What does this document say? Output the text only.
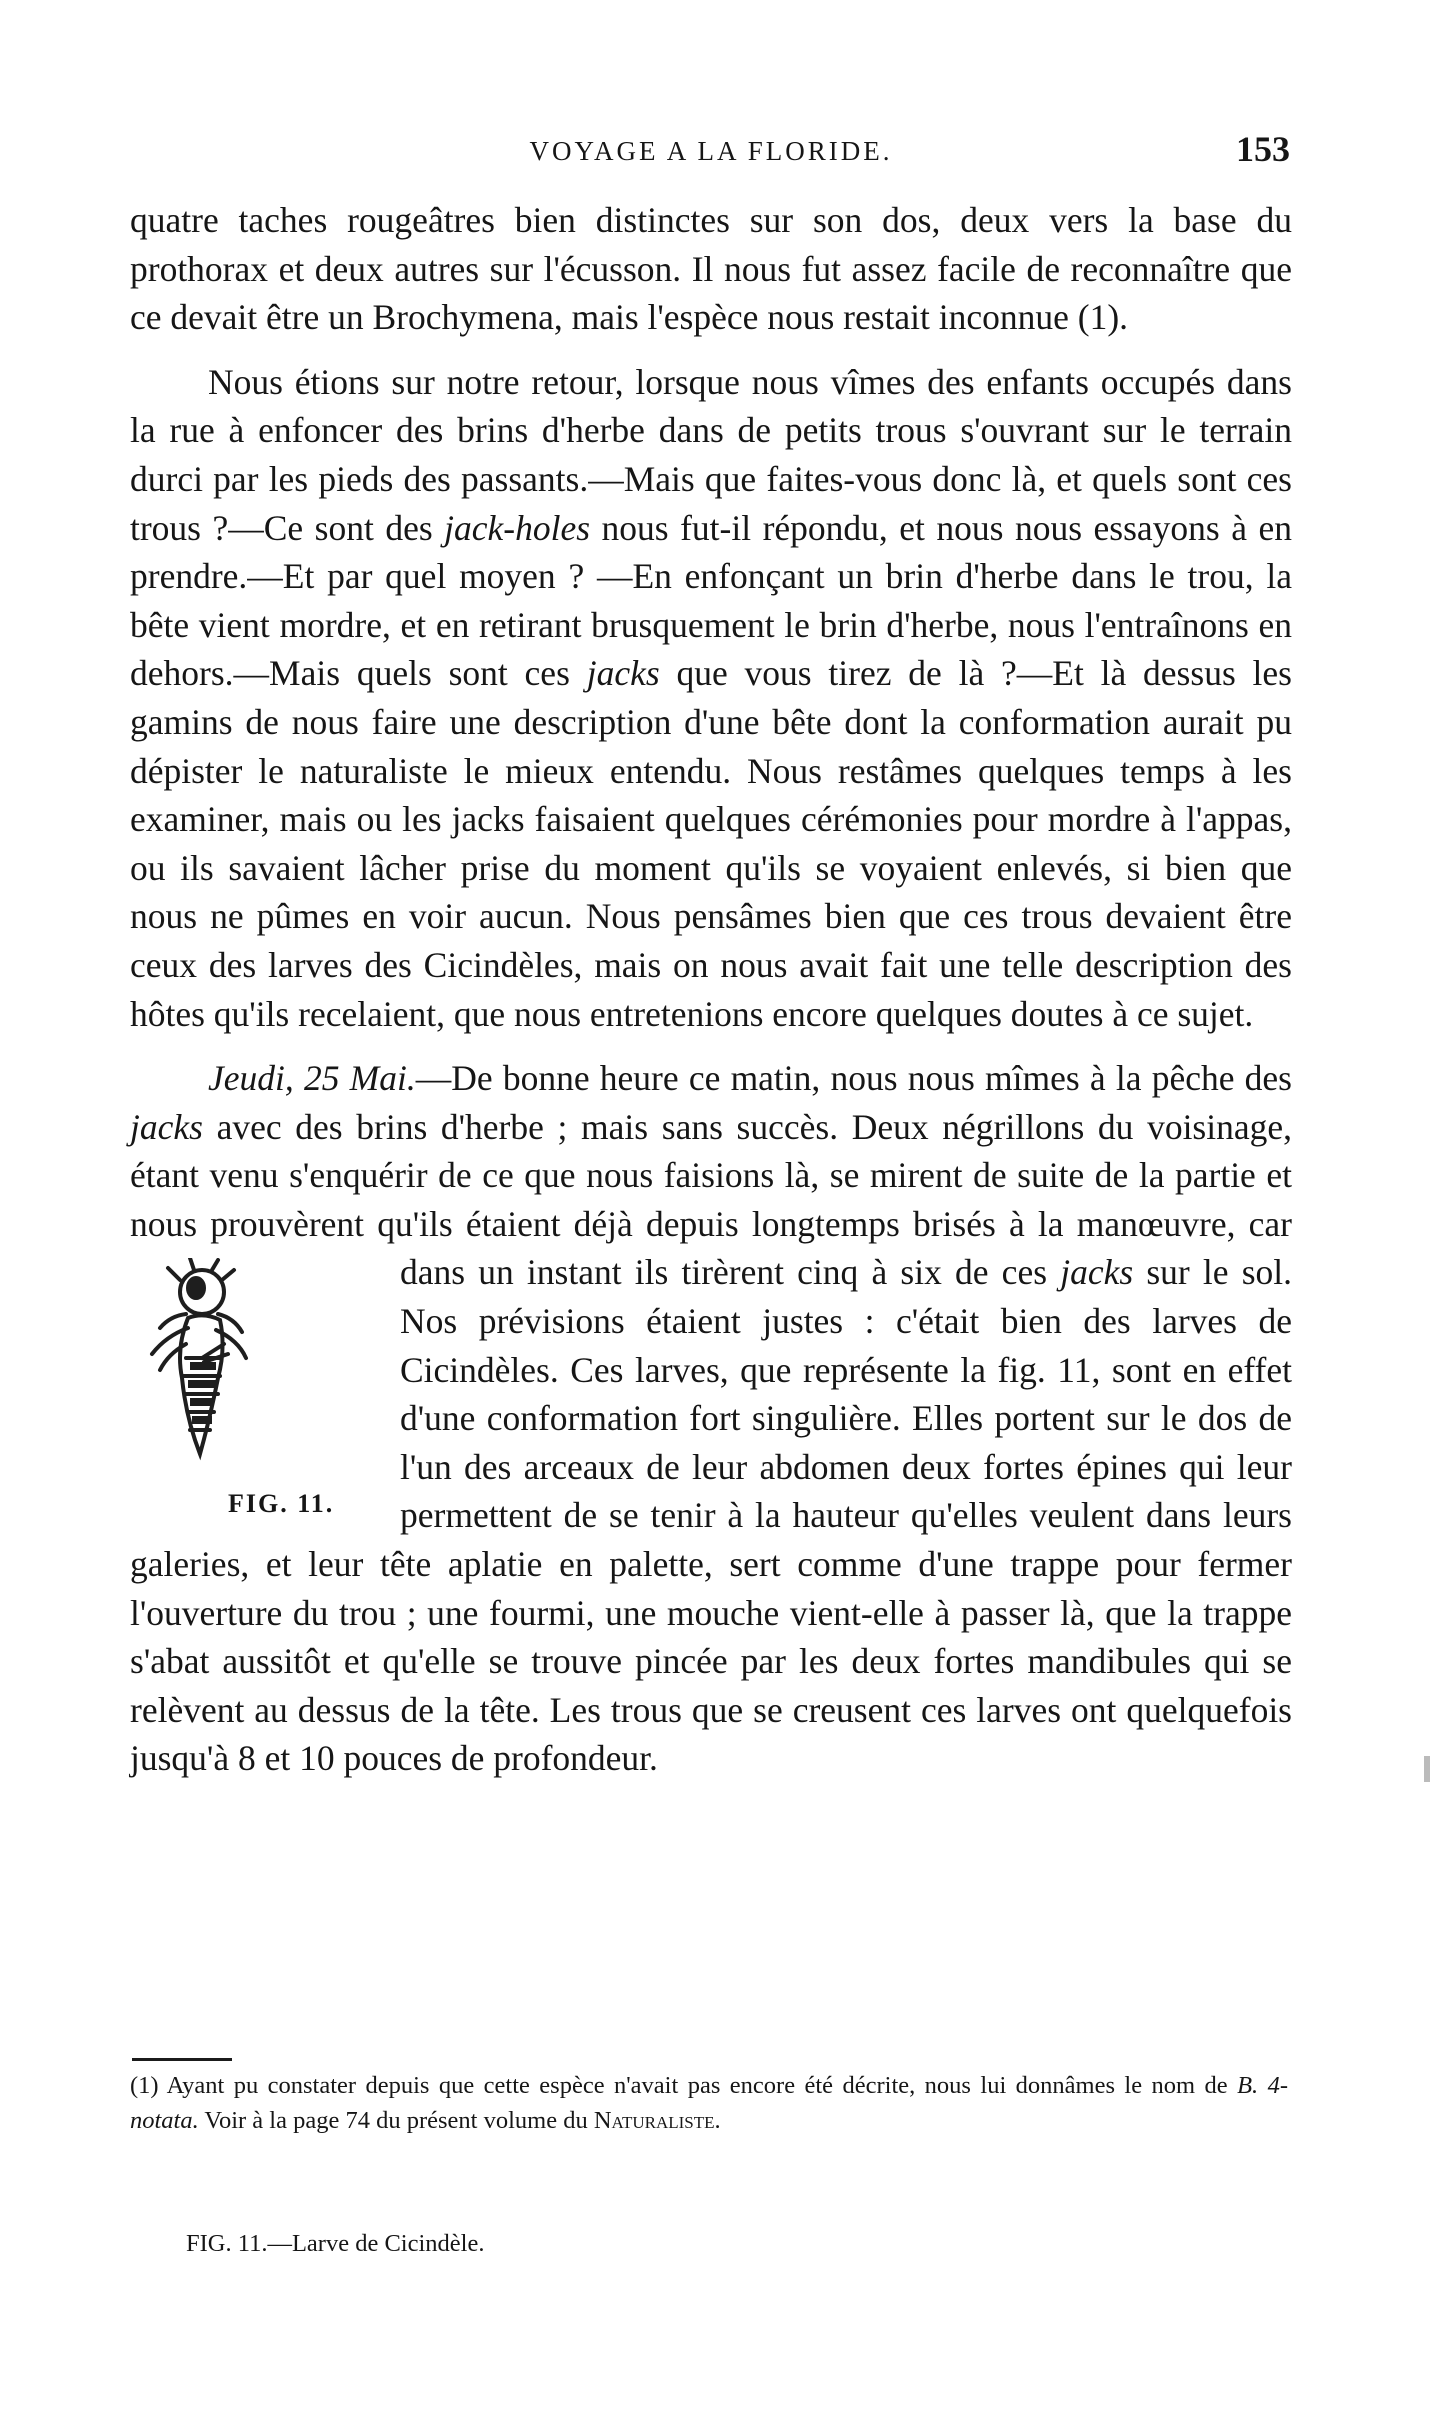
VOYAGE A LA FLORIDE.	153

quatre taches rougeâtres bien distinctes sur son dos, deux vers la base du prothorax et deux autres sur l'écusson. Il nous fut assez facile de reconnaître que ce devait être un Brochymena, mais l'espèce nous restait inconnue (1).

Nous étions sur notre retour, lorsque nous vîmes des enfants occupés dans la rue à enfoncer des brins d'herbe dans de petits trous s'ouvrant sur le terrain durci par les pieds des passants.—Mais que faites-vous donc là, et quels sont ces trous ?—Ce sont des jack-holes nous fut-il répondu, et nous nous essayons à en prendre.—Et par quel moyen ? —En enfonçant un brin d'herbe dans le trou, la bête vient mordre, et en retirant brusquement le brin d'herbe, nous l'entraînons en dehors.—Mais quels sont ces jacks que vous tirez de là ?—Et là dessus les gamins de nous faire une description d'une bête dont la conformation aurait pu dépister le naturaliste le mieux entendu. Nous restâmes quelques temps à les examiner, mais ou les jacks faisaient quelques cérémonies pour mordre à l'appas, ou ils savaient lâcher prise du moment qu'ils se voyaient enlevés, si bien que nous ne pûmes en voir aucun. Nous pensâmes bien que ces trous devaient être ceux des larves des Cicindèles, mais on nous avait fait une telle description des hôtes qu'ils recelaient, que nous entretenions encore quelques doutes à ce sujet.

Jeudi, 25 Mai.—De bonne heure ce matin, nous nous mîmes à la pêche des jacks avec des brins d'herbe ; mais sans succès. Deux négrillons du voisinage, étant venu s'enquérir de ce que nous faisions là, se mirent de suite de la partie et nous prouvèrent qu'ils étaient déjà depuis longtemps brisés à la manœuvre, car dans un instant ils tirèrent cinq à six de ces jacks
FIG. 11.
sur le sol. Nos prévisions étaient justes : c'était bien des larves de Cicindèles. Ces larves, que représente la fig. 11, sont en effet d'une conformation fort singulière. Elles portent sur le dos de l'un des arceaux de leur abdomen deux fortes épines qui leur permettent de se tenir à la hauteur qu'elles veulent dans leurs galeries, et leur tête aplatie en palette, sert comme d'une trappe pour fermer l'ouverture du trou ; une fourmi, une mouche vient-elle à passer là, que la trappe s'abat aussitôt et qu'elle se trouve pincée par les deux fortes mandibules qui se relèvent au dessus de la tête. Les trous que se creusent ces larves ont quelquefois jusqu'à 8 et 10 pouces de profondeur.

(1) Ayant pu constater depuis que cette espèce n'avait pas encore été décrite, nous lui donnâmes le nom de B. 4-notata. Voir à la page 74 du présent volume du Naturaliste.

FIG. 11.—Larve de Cicindèle.
